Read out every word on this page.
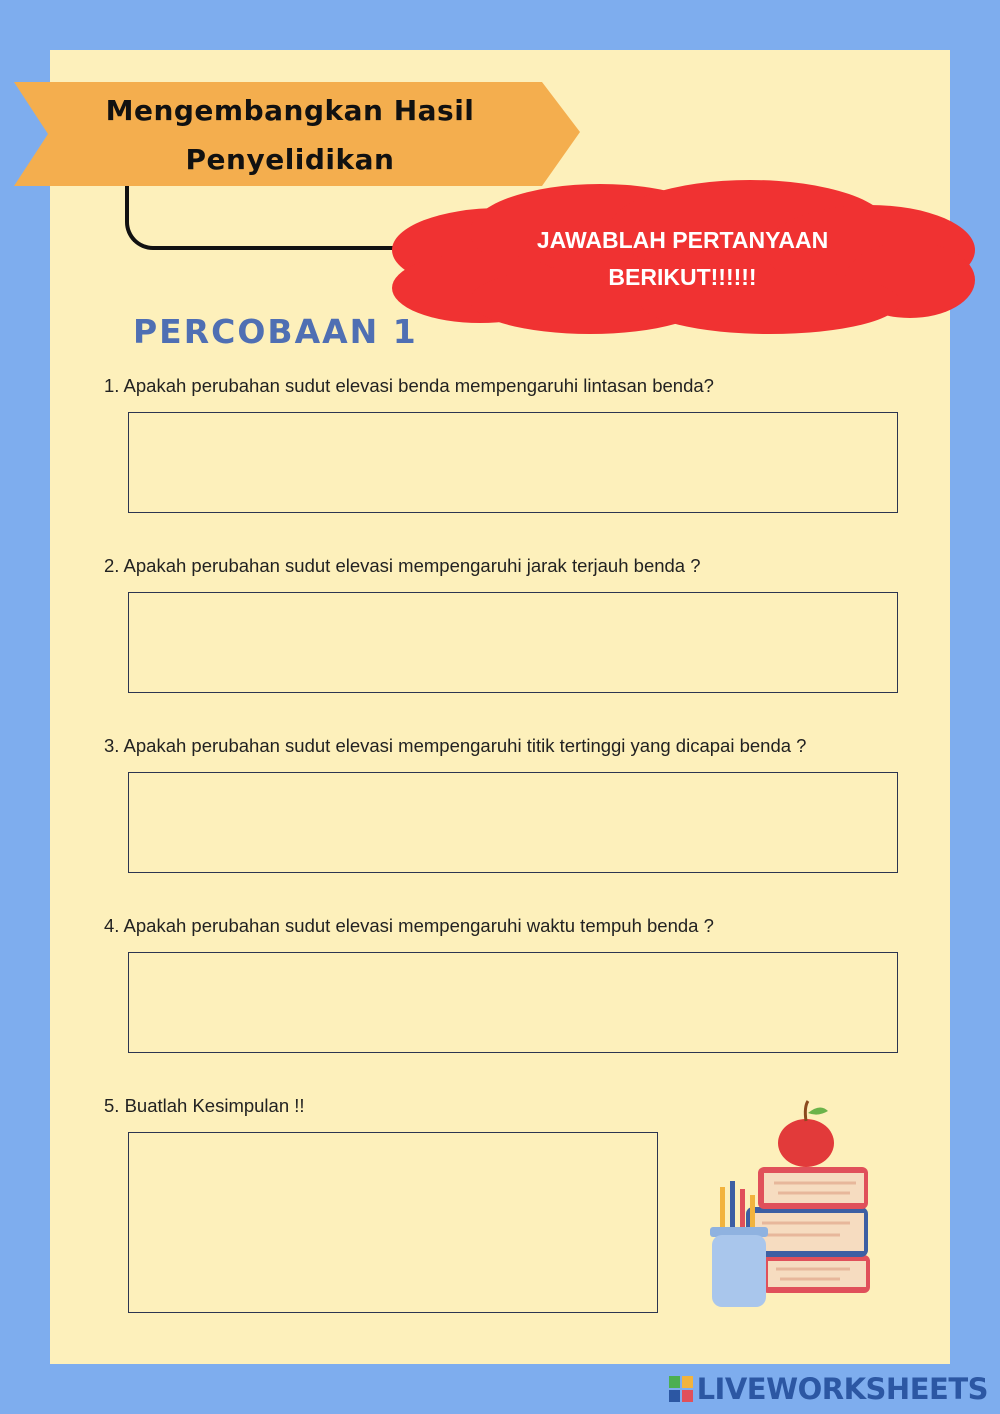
Mengembangkan Hasil
Penyelidikan
JAWABLAH PERTANYAAN
BERIKUT!!!!!!
PERCOBAAN 1
1. Apakah perubahan sudut elevasi benda mempengaruhi lintasan benda?
2. Apakah perubahan sudut elevasi mempengaruhi jarak terjauh benda ?
3. Apakah perubahan sudut elevasi mempengaruhi titik tertinggi yang dicapai benda ?
4. Apakah perubahan sudut elevasi mempengaruhi waktu tempuh benda ?
5. Buatlah Kesimpulan !!
LIVEWORKSHEETS
